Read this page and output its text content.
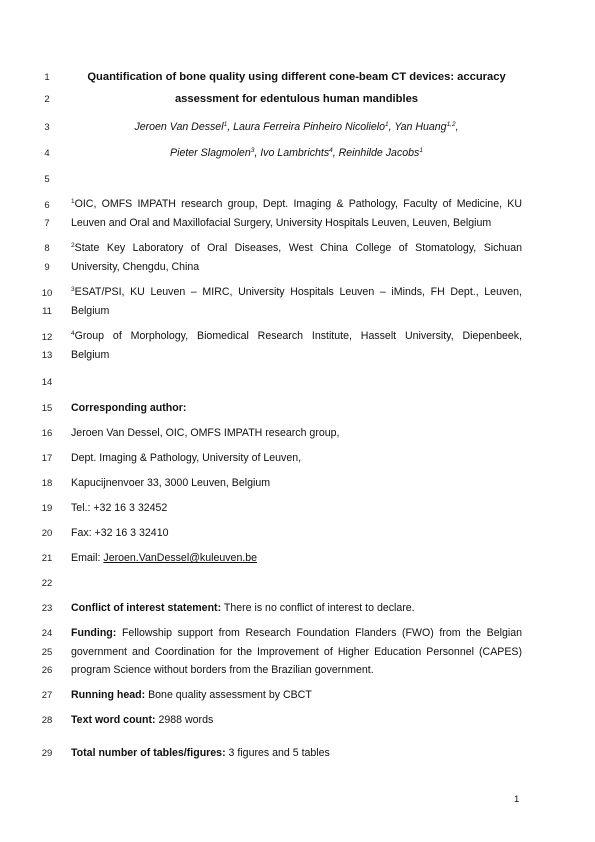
1
2
3
4
5
6
7
8
9
10
11
12
13
14
15
16
17
18
19
20
21
22
23
24
25
26
27
28
29
Quantification of bone quality using different cone-beam CT devices: accuracy
assessment for edentulous human mandibles
Jeroen Van Dessel$^1$, Laura Ferreira Pinheiro Nicolielo$^1$, Yan Huang$^{1,2}$,
Pieter Slagmolen$^3$, Ivo Lambrichts$^4$, Reinhilde Jacobs$^1$
$^1$OIC, OMFS IMPATH research group, Dept. Imaging & Pathology, Faculty of Medicine, KU
Leuven and Oral and Maxillofacial Surgery, University Hospitals Leuven, Leuven, Belgium
$^2$State Key Laboratory of Oral Diseases, West China College of Stomatology, Sichuan
University, Chengdu, China
$^3$ESAT/PSI, KU Leuven – MIRC, University Hospitals Leuven – iMinds, FH Dept., Leuven,
Belgium
$^4$Group of Morphology, Biomedical Research Institute, Hasselt University, Diepenbeek,
Belgium
Corresponding author:
Jeroen Van Dessel, OIC, OMFS IMPATH research group,
Dept. Imaging & Pathology, University of Leuven,
Kapucijnenvoer 33, 3000 Leuven, Belgium
Tel.: +32 16 3 32452
Fax: +32 16 3 32410
Email: Jeroen.VanDessel@kuleuven.be
Conflict of interest statement: There is no conflict of interest to declare.
Funding: Fellowship support from Research Foundation Flanders (FWO) from the Belgian
government and Coordination for the Improvement of Higher Education Personnel (CAPES)
program Science without borders from the Brazilian government.
Running head: Bone quality assessment by CBCT
Text word count: 2988 words
Total number of tables/figures: 3 figures and 5 tables
1
